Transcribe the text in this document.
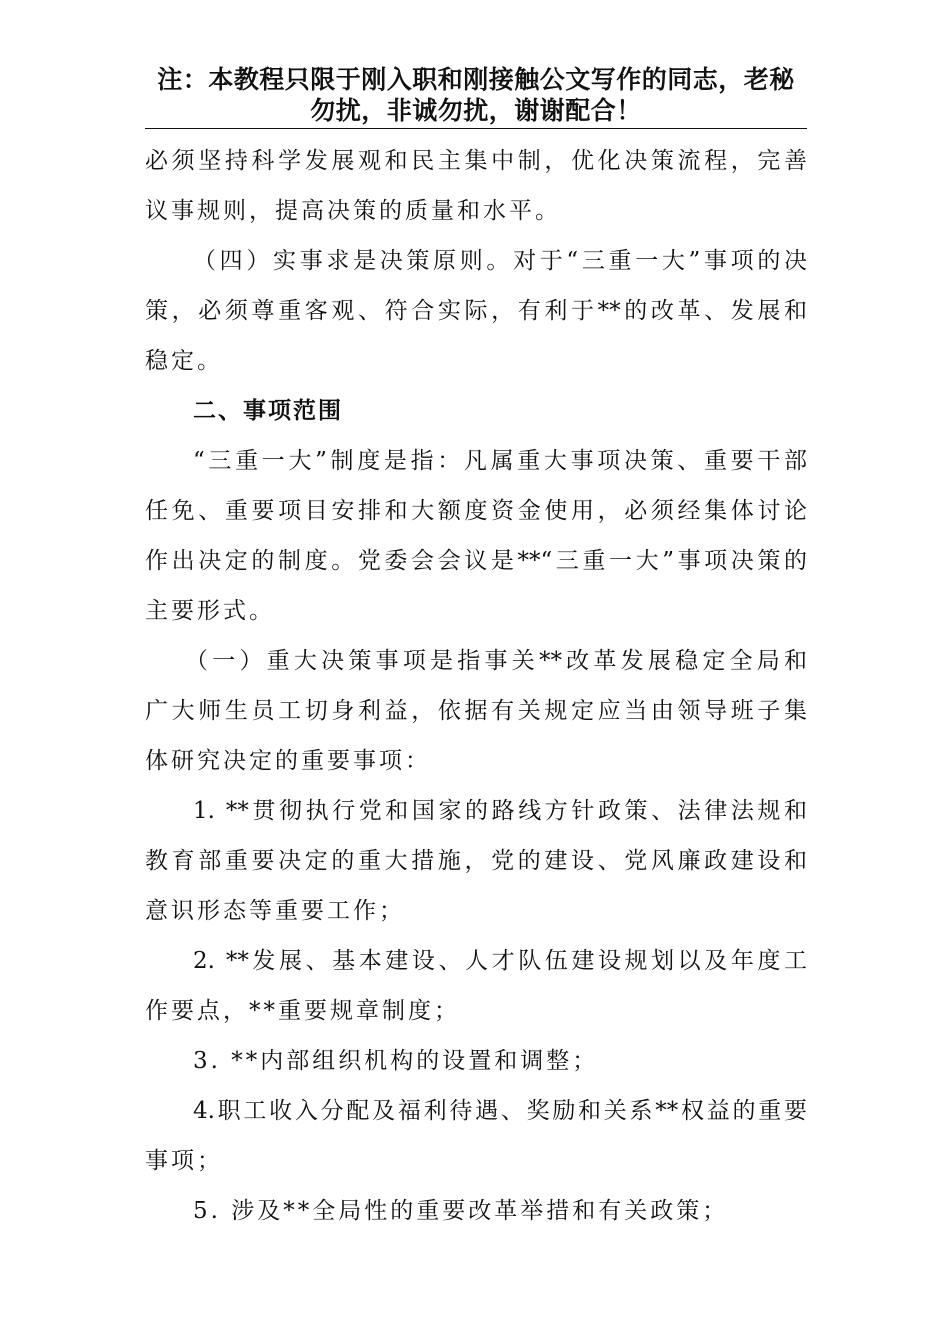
注：本教程只限于刚入职和刚接触公文写作的同志，老秘
勿扰，非诚勿扰，谢谢配合！
必须坚持科学发展观和民主集中制，优化决策流程，完善
议事规则，提高决策的质量和水平。
（四）实事求是决策原则。对于“三重一大”事项的决
策，必须尊重客观、符合实际，有利于**的改革、发展和
稳定。
二、事项范围
“三重一大”制度是指：凡属重大事项决策、重要干部
任免、重要项目安排和大额度资金使用，必须经集体讨论
作出决定的制度。党委会会议是**“三重一大”事项决策的
主要形式。
（一）重大决策事项是指事关**改革发展稳定全局和
广大师生员工切身利益，依据有关规定应当由领导班子集
体研究决定的重要事项：
1. **贯彻执行党和国家的路线方针政策、法律法规和
教育部重要决定的重大措施，党的建设、党风廉政建设和
意识形态等重要工作；
2. **发展、基本建设、人才队伍建设规划以及年度工
作要点，**重要规章制度；
3. **内部组织机构的设置和调整；
4.职工收入分配及福利待遇、奖励和关系**权益的重要
事项；
5. 涉及**全局性的重要改革举措和有关政策；
